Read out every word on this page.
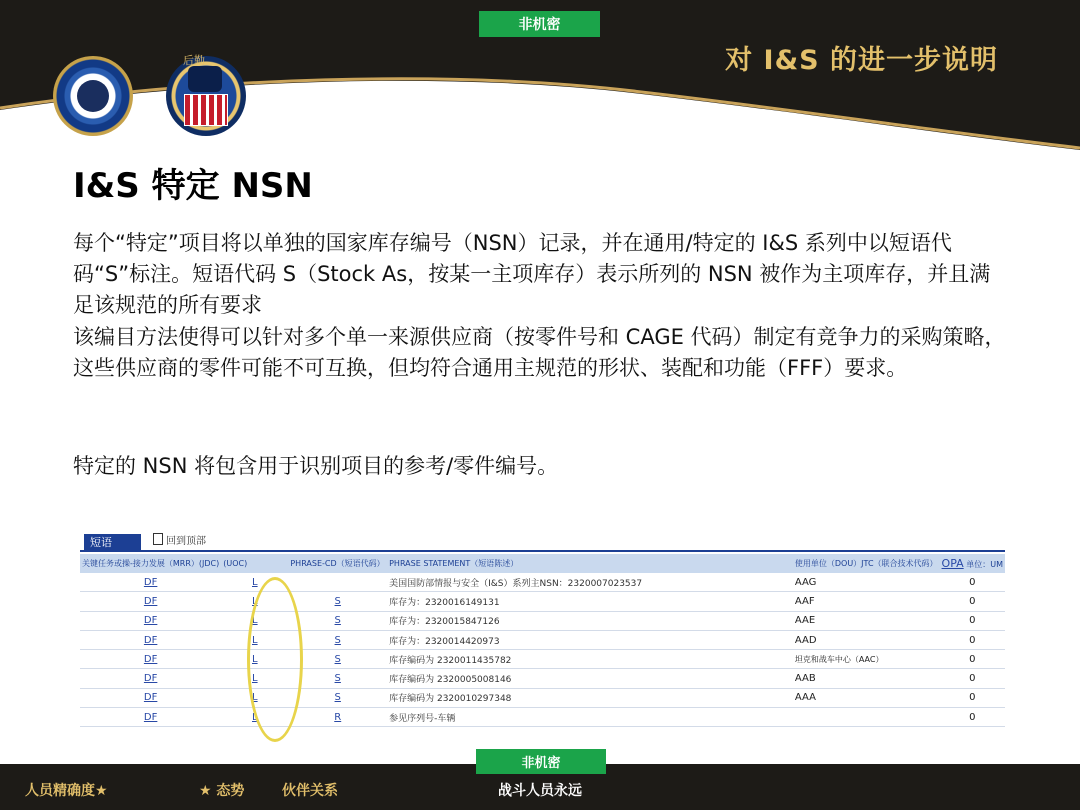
非机密
对 I&S 的进一步说明
后勤
I&S 特定 NSN
每个“特定”项目将以单独的国家库存编号（NSN）记录，并在通用/特定的 I&S 系列中以短语代码“S”标注。短语代码 S（Stock As，按某一主项库存）表示所列的 NSN 被作为主项库存，并且满足该规范的所有要求
该编目方法使得可以针对多个单一来源供应商（按零件号和 CAGE 代码）制定有竞争力的采购策略，这些供应商的零件可能不可互换，但均符合通用主规范的形状、装配和功能（FFF）要求。
特定的 NSN 将包含用于识别项目的参考/零件编号。
短语	回到顶部
关键任务或操-接力发展（MRR）(JDC)	(UOC)	PHRASE-CD（短语代码）	PHRASE STATEMENT（短语陈述）	使用单位（DOU）JTC（联合技术代码）	OPA 单位：UM
DF	L		美国国防部情报与安全（I&S）系列主NSN：2320007023537	AAG	0
DF	L	S	库存为：2320016149131	AAF	0
DF	L	S	库存为：2320015847126	AAE	0
DF	L	S	库存为：2320014420973	AAD	0
DF	L	S	库存编码为 2320011435782	坦克和战车中心（AAC）	0
DF	L	S	库存编码为 2320005008146	AAB	0
DF	L	S	库存编码为 2320010297348	AAA	0
DF	L	R	参见序列号-车辆		0
非机密
人员精确度★	★ 态势	伙伴关系	战斗人员永远
